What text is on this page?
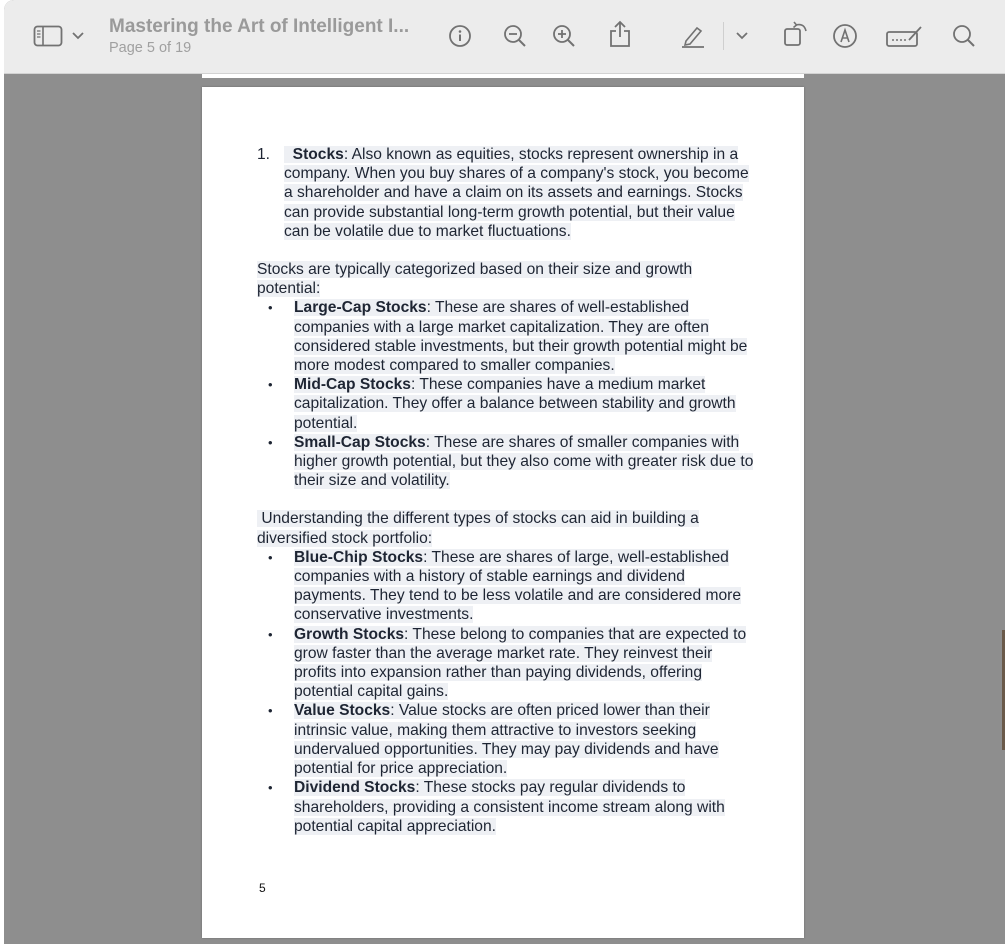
Mastering the Art of Intelligent I...
Page 5 of 19
1. Stocks: Also known as equities, stocks represent ownership in a company. When you buy shares of a company's stock, you become a shareholder and have a claim on its assets and earnings. Stocks can provide substantial long-term growth potential, but their value can be volatile due to market fluctuations.
Stocks are typically categorized based on their size and growth potential:
• Large-Cap Stocks: These are shares of well-established companies with a large market capitalization. They are often considered stable investments, but their growth potential might be more modest compared to smaller companies.
• Mid-Cap Stocks: These companies have a medium market capitalization. They offer a balance between stability and growth potential.
• Small-Cap Stocks: These are shares of smaller companies with higher growth potential, but they also come with greater risk due to their size and volatility.
Understanding the different types of stocks can aid in building a diversified stock portfolio:
• Blue-Chip Stocks: These are shares of large, well-established companies with a history of stable earnings and dividend payments. They tend to be less volatile and are considered more conservative investments.
• Growth Stocks: These belong to companies that are expected to grow faster than the average market rate. They reinvest their profits into expansion rather than paying dividends, offering potential capital gains.
• Value Stocks: Value stocks are often priced lower than their intrinsic value, making them attractive to investors seeking undervalued opportunities. They may pay dividends and have potential for price appreciation.
• Dividend Stocks: These stocks pay regular dividends to shareholders, providing a consistent income stream along with potential capital appreciation.
5
